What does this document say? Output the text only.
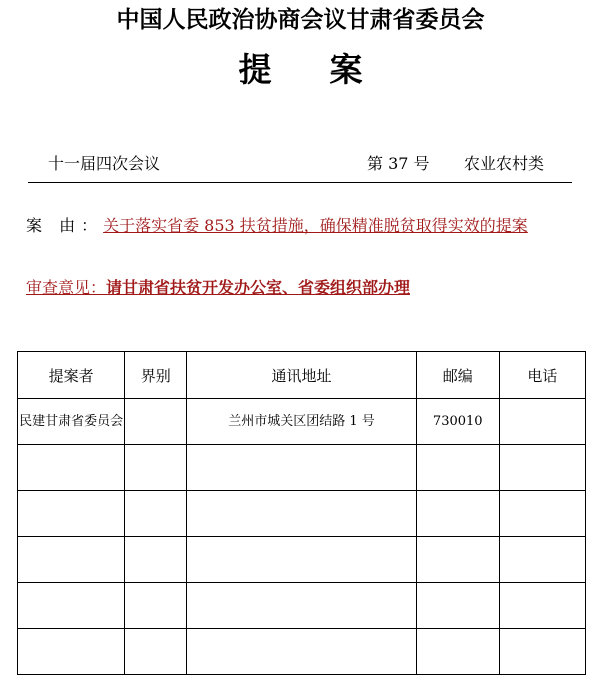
中国人民政治协商会议甘肃省委员会
提案
十一届四次会议	第 37 号 农业农村类
案 由：关于落实省委 853 扶贫措施，确保精准脱贫取得实效的提案
审查意见：请甘肃省扶贫开发办公室、省委组织部办理
提案者	界别	通讯地址	邮编	电话
民建甘肃省委员会		兰州市城关区团结路 1 号	730010	
